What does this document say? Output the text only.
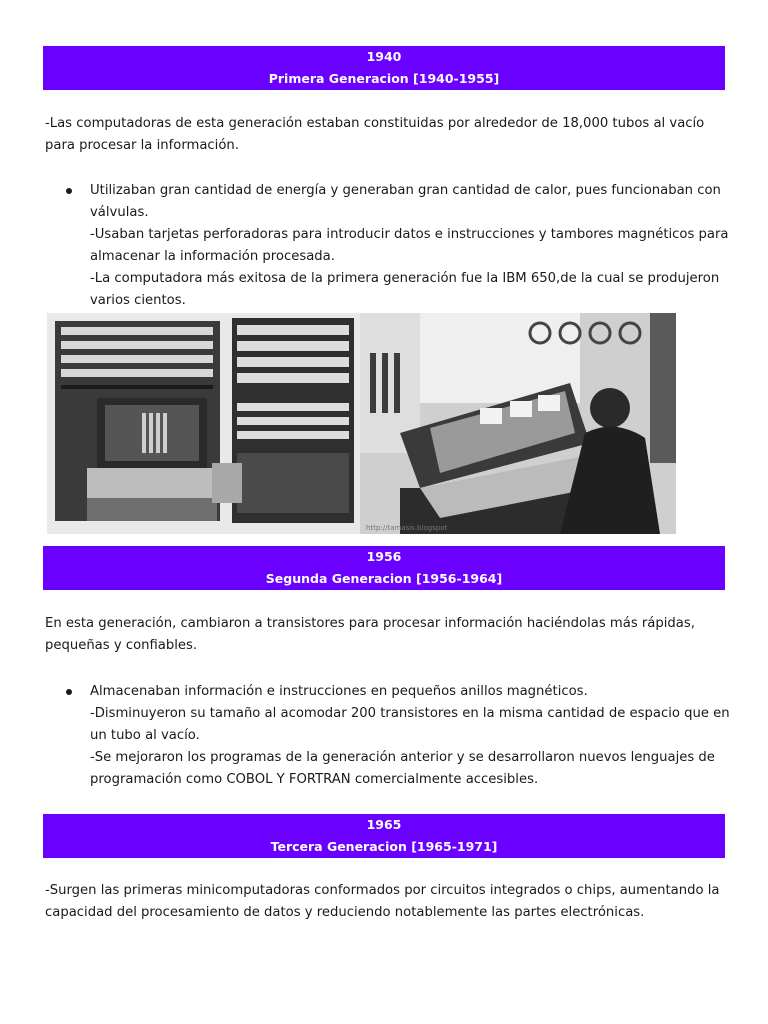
1940
Primera Generacion [1940-1955]

-Las computadoras de esta generación estaban constituidas por alrededor de 18,000 tubos al vacío para procesar la información.

Utilizaban gran cantidad de energía y generaban gran cantidad de calor, pues funcionaban con válvulas.

-Usaban tarjetas perforadoras para introducir datos e instrucciones y tambores magnéticos para almacenar la información procesada.

-La computadora más exitosa de la primera generación fue la IBM 650,de la cual se produjeron varios cientos.

http://tamasis.blogspot
1956
Segunda Generacion [1956-1964]

En esta generación, cambiaron a transistores para procesar información haciéndolas más rápidas, pequeñas y confiables.

Almacenaban información e instrucciones en pequeños anillos magnéticos.

-Disminuyeron su tamaño al acomodar 200 transistores en la misma cantidad de espacio que en un tubo al vacío.

-Se mejoraron los programas de la generación anterior y se desarrollaron nuevos lenguajes de programación como COBOL Y FORTRAN comercialmente accesibles.

1965
Tercera Generacion [1965-1971]

-Surgen las primeras minicomputadoras conformados por circuitos integrados o chips, aumentando la capacidad del procesamiento de datos y reduciendo notablemente las partes electrónicas.
